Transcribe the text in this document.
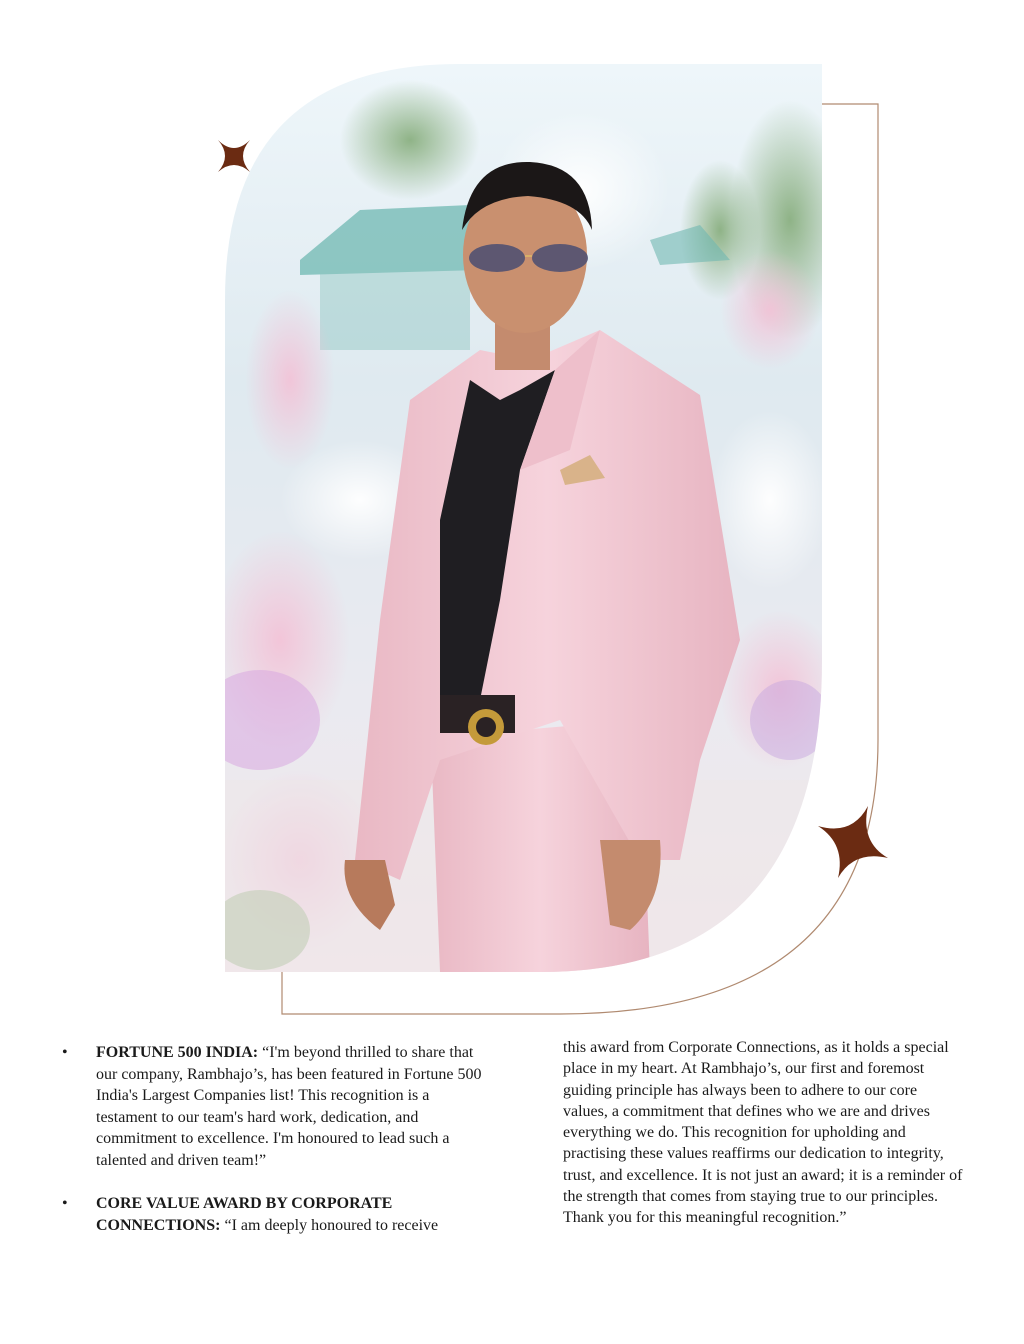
•	FORTUNE 500 INDIA: “I'm beyond thrilled to share that our company, Rambhajo’s, has been featured in Fortune 500 India's Largest Companies list! This recognition is a testament to our team's hard work, dedication, and commitment to excellence. I'm honoured to lead such a talented and driven team!”
•	CORE VALUE AWARD BY CORPORATE CONNECTIONS: “I am deeply honoured to receive

this award from Corporate Connections, as it holds a special place in my heart. At Rambhajo’s, our first and foremost guiding principle has always been to adhere to our core values, a commitment that defines who we are and drives everything we do. This recognition for upholding and practising these values reaffirms our dedication to integrity, trust, and excellence. It is not just an award; it is a reminder of the strength that comes from staying true to our principles. Thank you for this meaningful recognition.”
